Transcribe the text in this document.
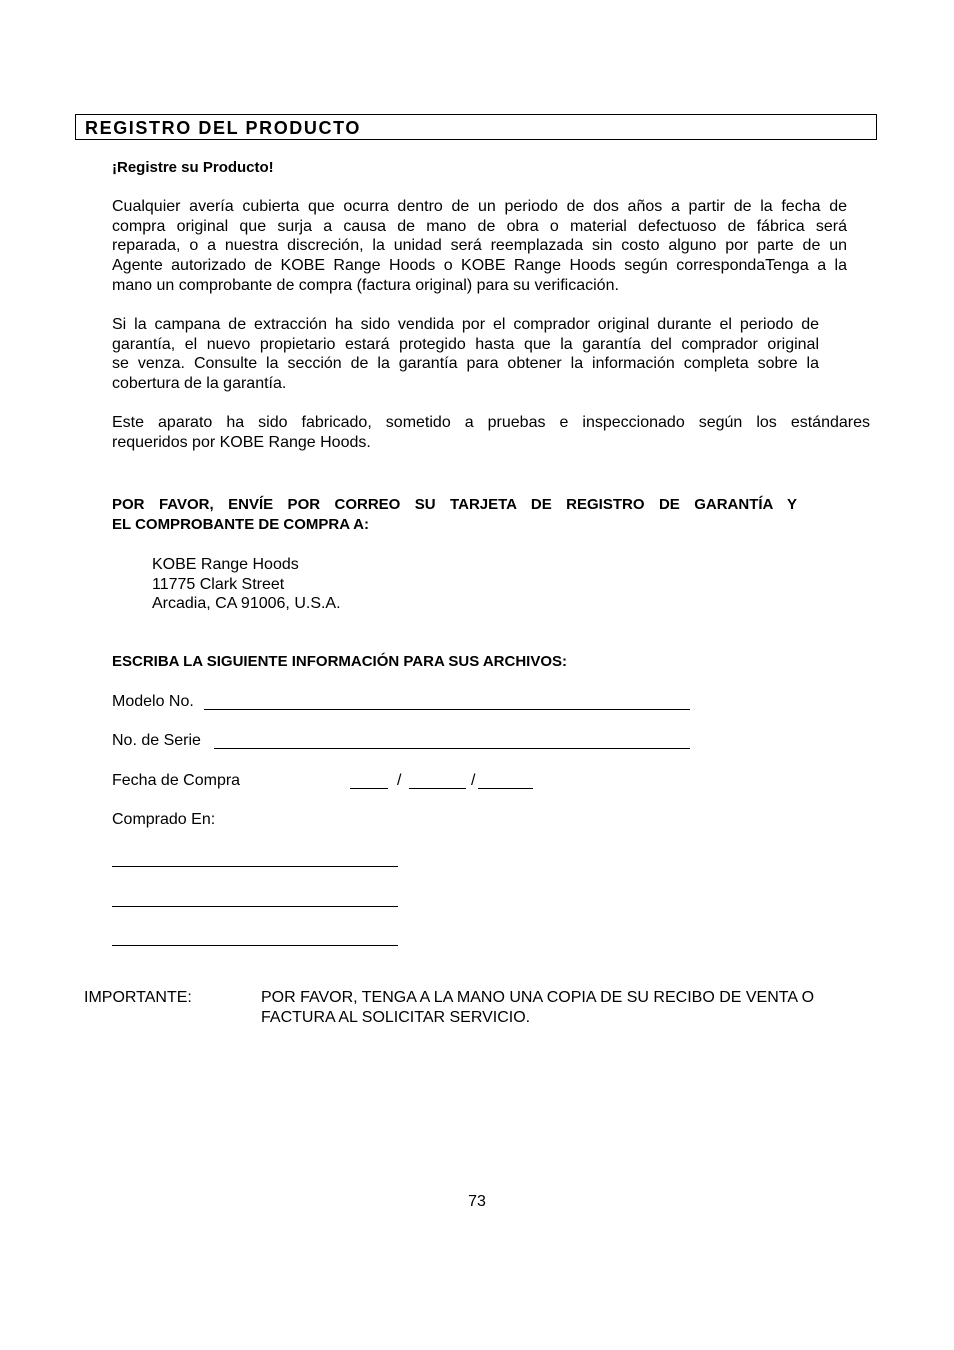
REGISTRO DEL PRODUCTO
¡Registre su Producto!
Cualquier avería cubierta que ocurra dentro de un periodo de dos años a partir de la fecha de
compra original que surja a causa de mano de obra o material defectuoso de fábrica será
reparada, o a nuestra discreción, la unidad será reemplazada sin costo alguno por parte de un
Agente autorizado de KOBE Range Hoods o KOBE Range Hoods según correspondaTenga a la
mano un comprobante de compra (factura original) para su verificación.
Si la campana de extracción ha sido vendida por el comprador original durante el periodo de
garantía, el nuevo propietario estará protegido hasta que la garantía del comprador original
se venza. Consulte la sección de la garantía para obtener la información completa sobre la
cobertura de la garantía.
Este aparato ha sido fabricado, sometido a pruebas e inspeccionado según los estándares
requeridos por KOBE Range Hoods.
POR FAVOR, ENVÍE POR CORREO SU TARJETA DE REGISTRO DE GARANTÍA Y
EL COMPROBANTE DE COMPRA A:
KOBE Range Hoods
11775 Clark Street
Arcadia, CA 91006, U.S.A.
ESCRIBA LA SIGUIENTE INFORMACIÓN PARA SUS ARCHIVOS:
Modelo No.
No. de Serie
Fecha de Compra	/	/
Comprado En:
IMPORTANTE:	POR FAVOR, TENGA A LA MANO UNA COPIA DE SU RECIBO DE VENTA O
FACTURA AL SOLICITAR SERVICIO.
73
